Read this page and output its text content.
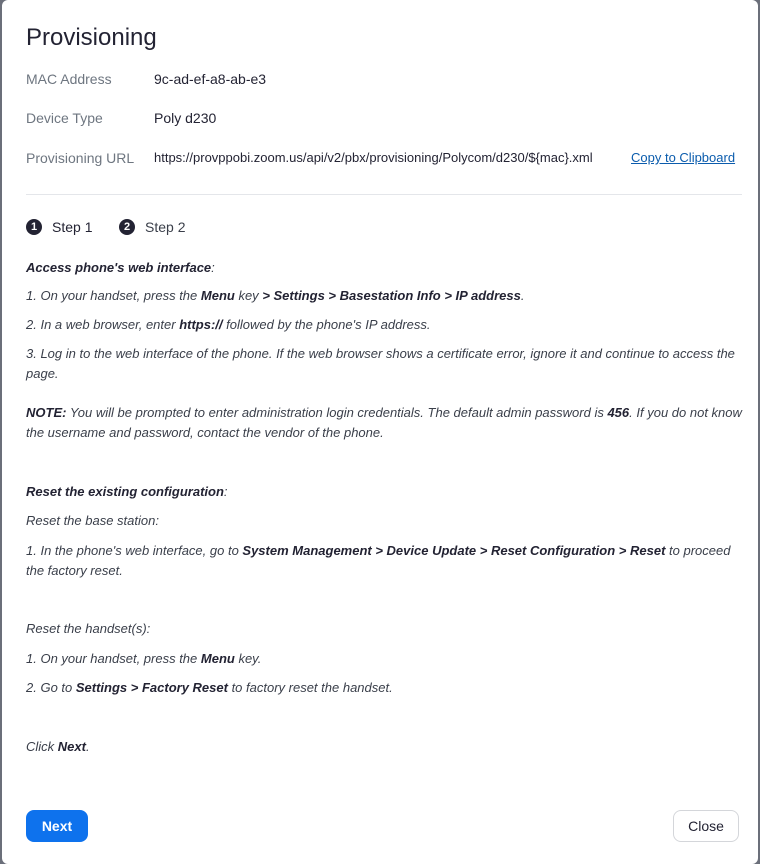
Provisioning
MAC Address	9c-ad-ef-a8-ab-e3
Device Type	Poly d230
Provisioning URL https://provppobi.zoom.us/api/v2/pbx/provisioning/Polycom/d230/${mac}.xml	Copy to Clipboard
1	Step 1	2	Step 2

Access phone's web interface:

1. On your handset, press the Menu key > Settings > Basestation Info > IP address.

2. In a web browser, enter https:// followed by the phone's IP address.

3. Log in to the web interface of the phone. If the web browser shows a certificate error, ignore it and continue to access the page.

NOTE: You will be prompted to enter administration login credentials. The default admin password is 456. If you do not know the username and password, contact the vendor of the phone.

Reset the existing configuration:

Reset the base station:

1. In the phone's web interface, go to System Management > Device Update > Reset Configuration > Reset to proceed the factory reset.

Reset the handset(s):

1. On your handset, press the Menu key.

2. Go to Settings > Factory Reset to factory reset the handset.

Click Next.

Next	Close
